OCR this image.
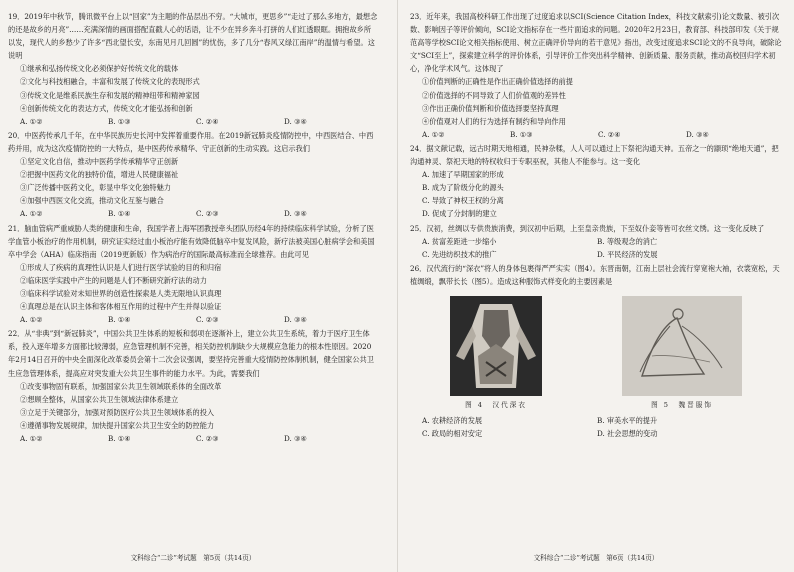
19．2019年中秋节，腾讯微平台上以“回家”为主题的作品层出不穷。“大城市，更思乡”“走过了那么多地方，最想念的还是故乡的月亮”……充满深情的画面搭配直戳人心的话语，让不少在异乡奔斗打拼的人们红透眼眶。拥抱故乡所以发，现代人的乡愁少了许多“西北望长安，东南见月几回圆”的忧伤，多了几分“春风又绿江南岸”的温情与希望。这说明

①继承和弘扬传统文化必须保护好传统文化的载体
②文化与科技相融合，丰富和发展了传统文化的表现形式
③传统文化是维系民族生存和发展的精神纽带和精神家园
④创新传统文化的表达方式，传统文化才能弘扬和创新
A. ①②	B. ①③	C. ②④	D. ③④

20．中医药传承几千年，在中华民族历史长河中发挥着重要作用。在2019新冠肺炎疫情防控中，中西医结合、中西药并用，成为这次疫情防控的一大特点，是中医药传承精华、守正创新的生动实践。这启示我们

①坚定文化自信，推动中医药学传承精华守正创新
②把握中医药文化的独特价值，增进人民健康福祉
③广泛传播中医药文化，彰显中华文化独特魅力
④加强中西医文化交流，推动文化互鉴与融合
A. ①②	B. ①④	C. ②③	D. ③④

21．脑血管病严重威胁人类的健康和生命，我国学者上海军团教授牵头团队历经4年的持续临床科学试验，分析了医学血管小板治疗的作用机制，研究证实经过血小板治疗能有效降低脑卒中复发风险，新疗法被美国心脏病学会和美国卒中学会（AHA）临床指南（2019更新版）作为病治疗的国际最高标准而全球推荐。由此可见

①形成人了疾病的真理性认识是人们进行医学试验的目的和归宿
②临床医学实践中产生的问题是人们不断研究新疗法的动力
③临床科学试验对未知世界的创造性探索是人类无限地认识真理
④真理总是在认识主体和客体相互作用的过程中产生并得以验证
A. ①②	B. ①④	C. ②③	D. ③④

22．从“非典”到“新冠肺炎”，中国公共卫生体系的短板和弱项在逐渐补上，建立公共卫生系统，着力于医疗卫生体系，投入逐年增多方面都比较薄弱，应急管理机制不完善，相关防控机制缺少大规模应急能力的根本性原因。2020年2月14日召开的中央全面深化改革委员会第十二次会议强调，要坚持完善重大疫情防控体制机制，健全国家公共卫生应急管理体系，提高应对突发重大公共卫生事件的能力水平。为此，需要我们

①改变事物固有联系，加强国家公共卫生领域联系体的全面改革
②想顾全整体，从国家公共卫生领域法律体系建立
③立足于关键部分，加强对预防医疗公共卫生领域体系的投入
④遵循事物发展规律，加快提升国家公共卫生安全的防控能力
A. ①②	B. ①④	C. ②③	D. ③④
文科综合“二诊”考试题　第5页（共14页）

23．近年来，我国高校科研工作出现了过度追求以SCI(Science Citation Index，科技文献索引)论文数量、被引次数、影响因子等评价倾向，SCI论文指标存在一些片面追求的问题。2020年2月23日，教育部、科技部印发《关于规范高等学校SCI论文相关指标使用、树立正确评价导向的若干意见》指出，改变过度追求SCI论文的不良导向，破除论文“SCI至上”，探索建立科学的评价体系，引导评价工作突出科学精神、创新质量、服务贡献，推动高校回归学术初心，净化学术风气。这体现了

①价值判断的正确性是作出正确价值选择的前提
②价值选择的不同导致了人们价值观的差异性
③作出正确价值判断和价值选择要坚持真理
④价值观对人们的行为选择有制约和导向作用
A. ①②	B. ①③	C. ②④	D. ③④

24．据文献记载，远古时期天地相通，民神杂糅，人人可以通过上下祭祀沟通天神。五帝之一的颛顼“绝地天通”，把沟通神灵、祭祀天地的特权收归于专职巫祝，其他人不能参与。这一变化

A. 加速了早期国家的形成
B. 成为了阶级分化的源头
C. 导致了神权王权的分离
D. 促成了分封制的建立

25．汉初，丝绸以专供贵族消费，到汉初中后期，上至皇亲贵族，下至奴仆妾等皆可衣丝文绣。这一变化反映了

A. 贫富差距进一步缩小	B. 等级观念的消亡
C. 先进纺织技术的推广	D. 平民经济的发展

26．汉代流行的“深衣”将人的身体包裹得严严实实（图4）。东晋南朝，江南上层社会流行穿宽袍大袖，衣裳宽松，天植绸缎，飘带长长（图5）。造成这种服饰式样变化的主要因素是

图 4　汉代深衣	图 5　魏晋服饰
A. 农耕经济的发展	B. 审美水平的提升
C. 政局的相对安定	D. 社会思想的变动
文科综合“二诊”考试题　第6页（共14页）
